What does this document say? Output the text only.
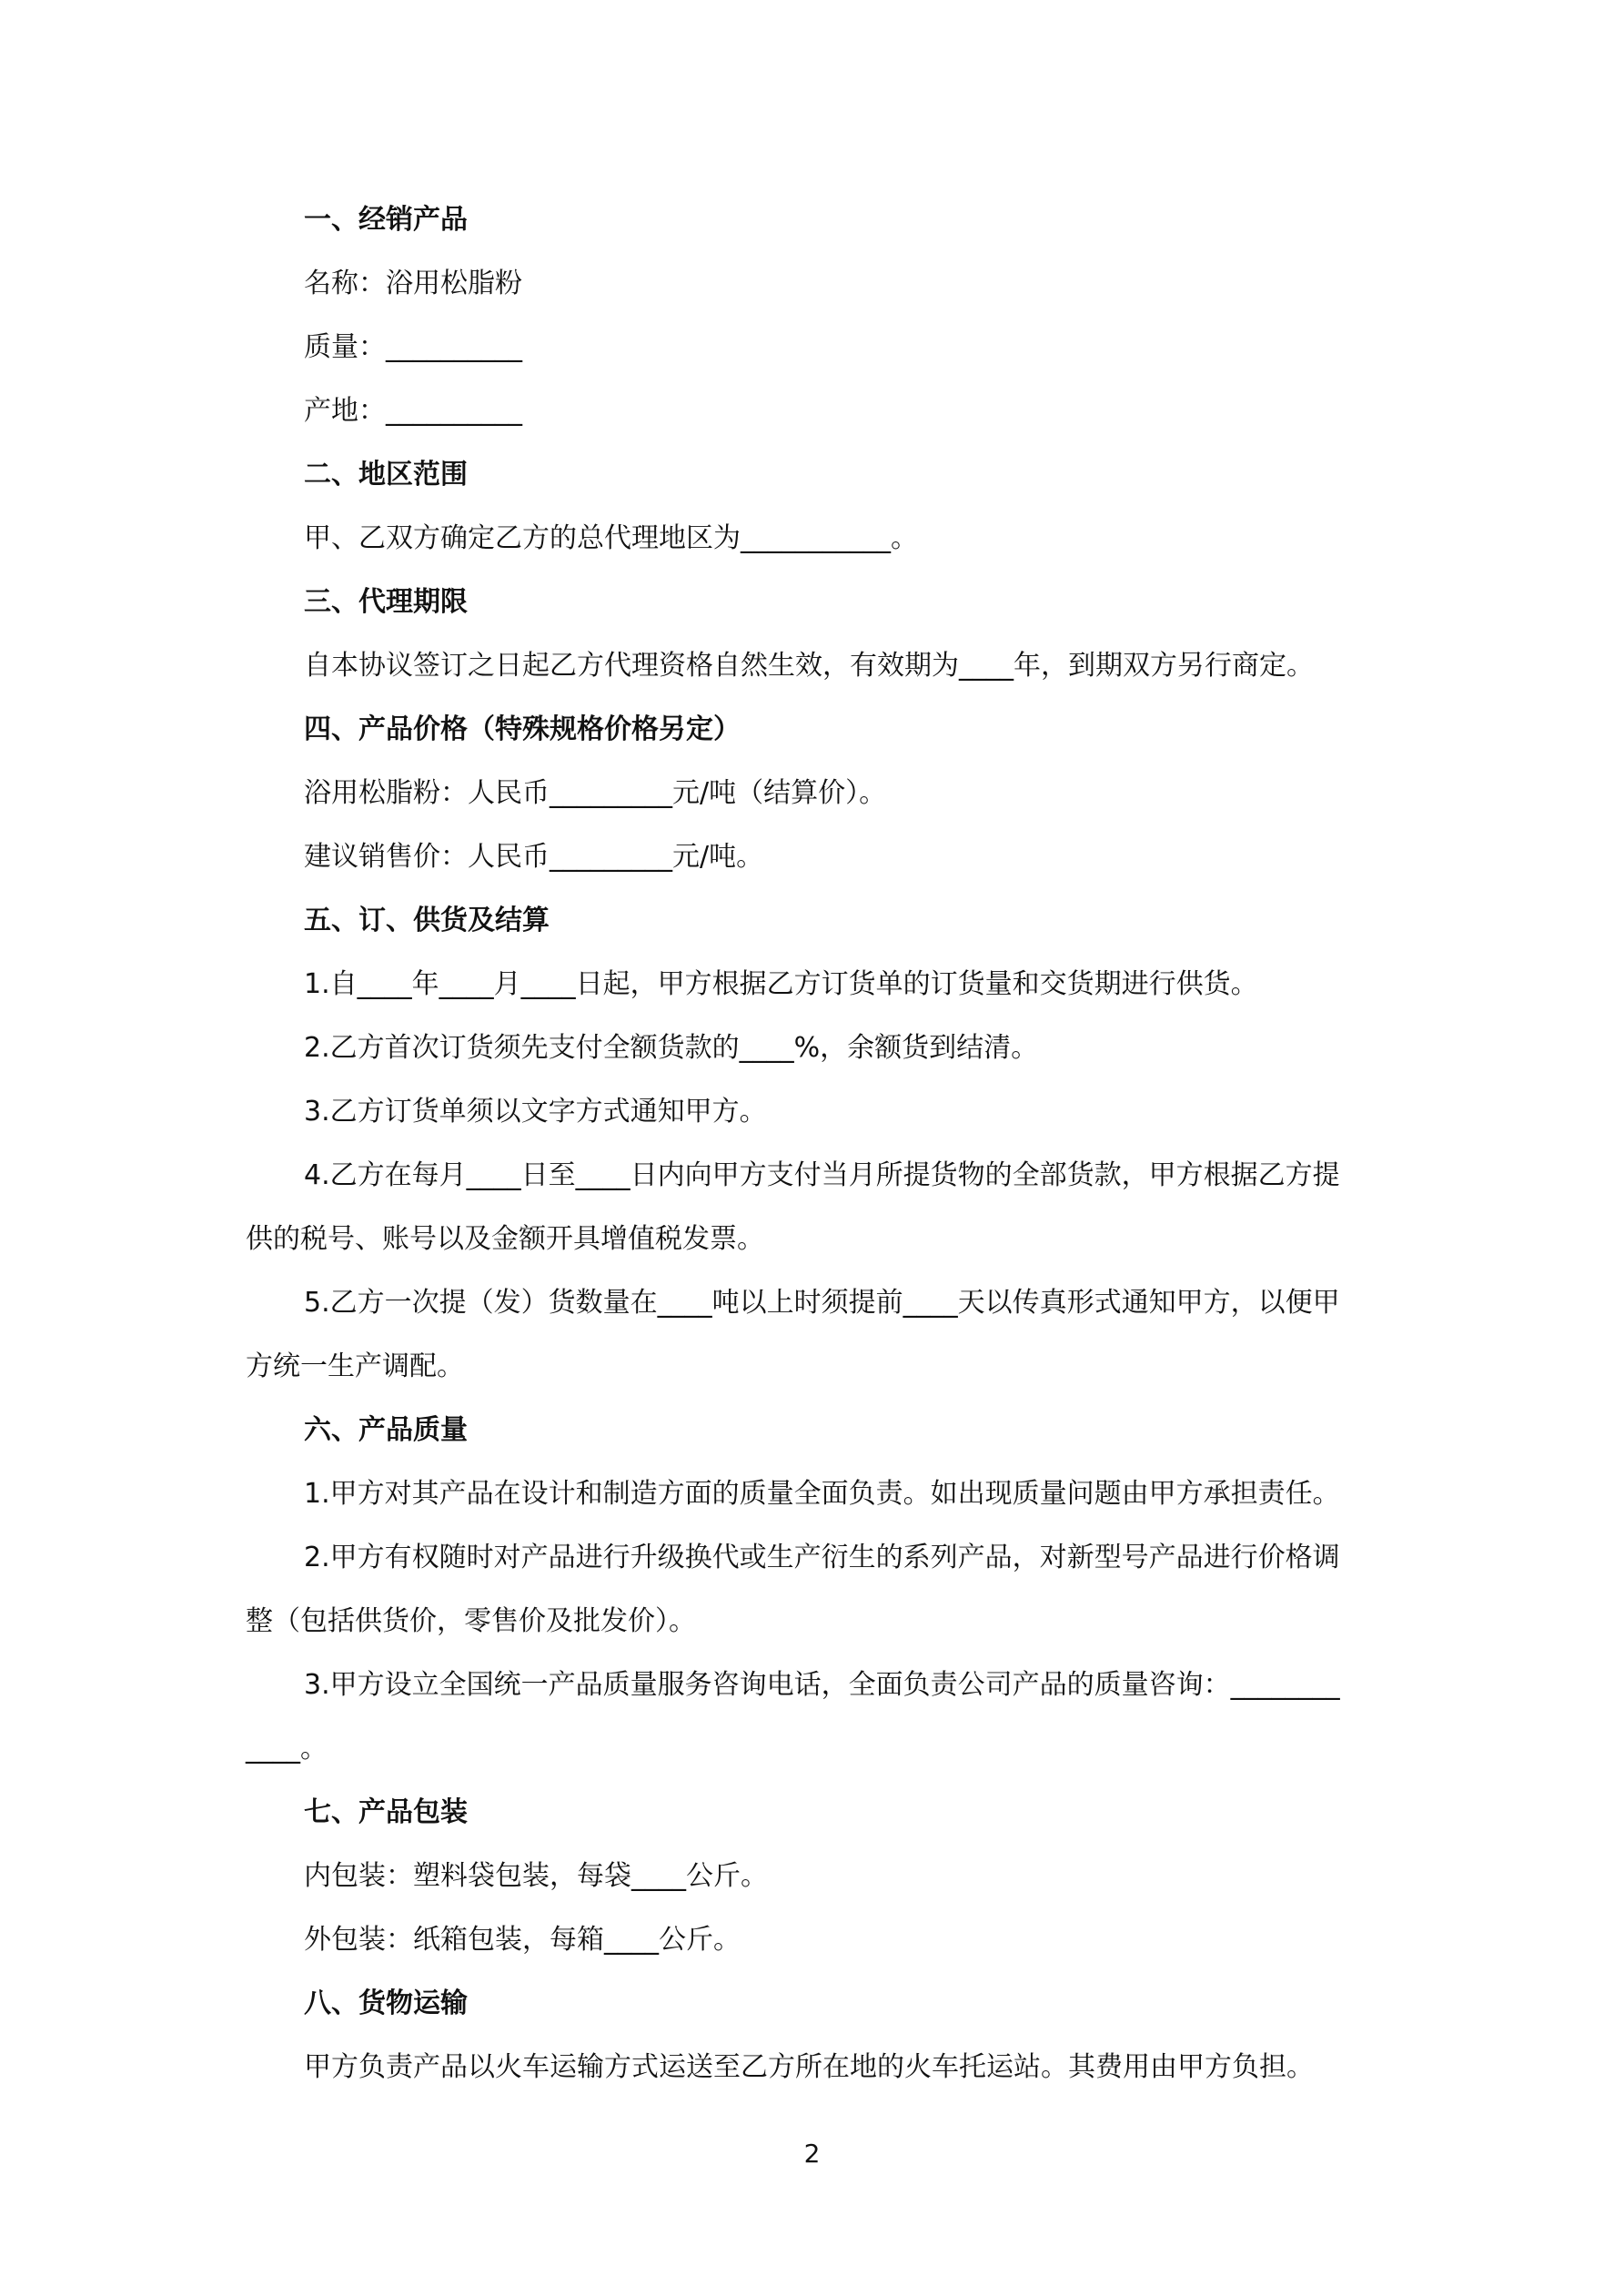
一、经销产品
名称：浴用松脂粉
质量：__________
产地：__________
二、地区范围
甲、乙双方确定乙方的总代理地区为___________。
三、代理期限
自本协议签订之日起乙方代理资格自然生效，有效期为____年，到期双方另行商定。
四、产品价格（特殊规格价格另定）
浴用松脂粉：人民币_________元/吨（结算价）。
建议销售价：人民币_________元/吨。
五、订、供货及结算
1.自____年____月____日起，甲方根据乙方订货单的订货量和交货期进行供货。
2.乙方首次订货须先支付全额货款的____%，余额货到结清。
3.乙方订货单须以文字方式通知甲方。
4.乙方在每月____日至____日内向甲方支付当月所提货物的全部货款，甲方根据乙方提
供的税号、账号以及金额开具增值税发票。
5.乙方一次提（发）货数量在____吨以上时须提前____天以传真形式通知甲方，以便甲
方统一生产调配。
六、产品质量
1.甲方对其产品在设计和制造方面的质量全面负责。如出现质量问题由甲方承担责任。
2.甲方有权随时对产品进行升级换代或生产衍生的系列产品，对新型号产品进行价格调
整（包括供货价，零售价及批发价）。
3.甲方设立全国统一产品质量服务咨询电话，全面负责公司产品的质量咨询：________
____。
七、产品包装
内包装：塑料袋包装，每袋____公斤。
外包装：纸箱包装，每箱____公斤。
八、货物运输
甲方负责产品以火车运输方式运送至乙方所在地的火车托运站。其费用由甲方负担。
2
